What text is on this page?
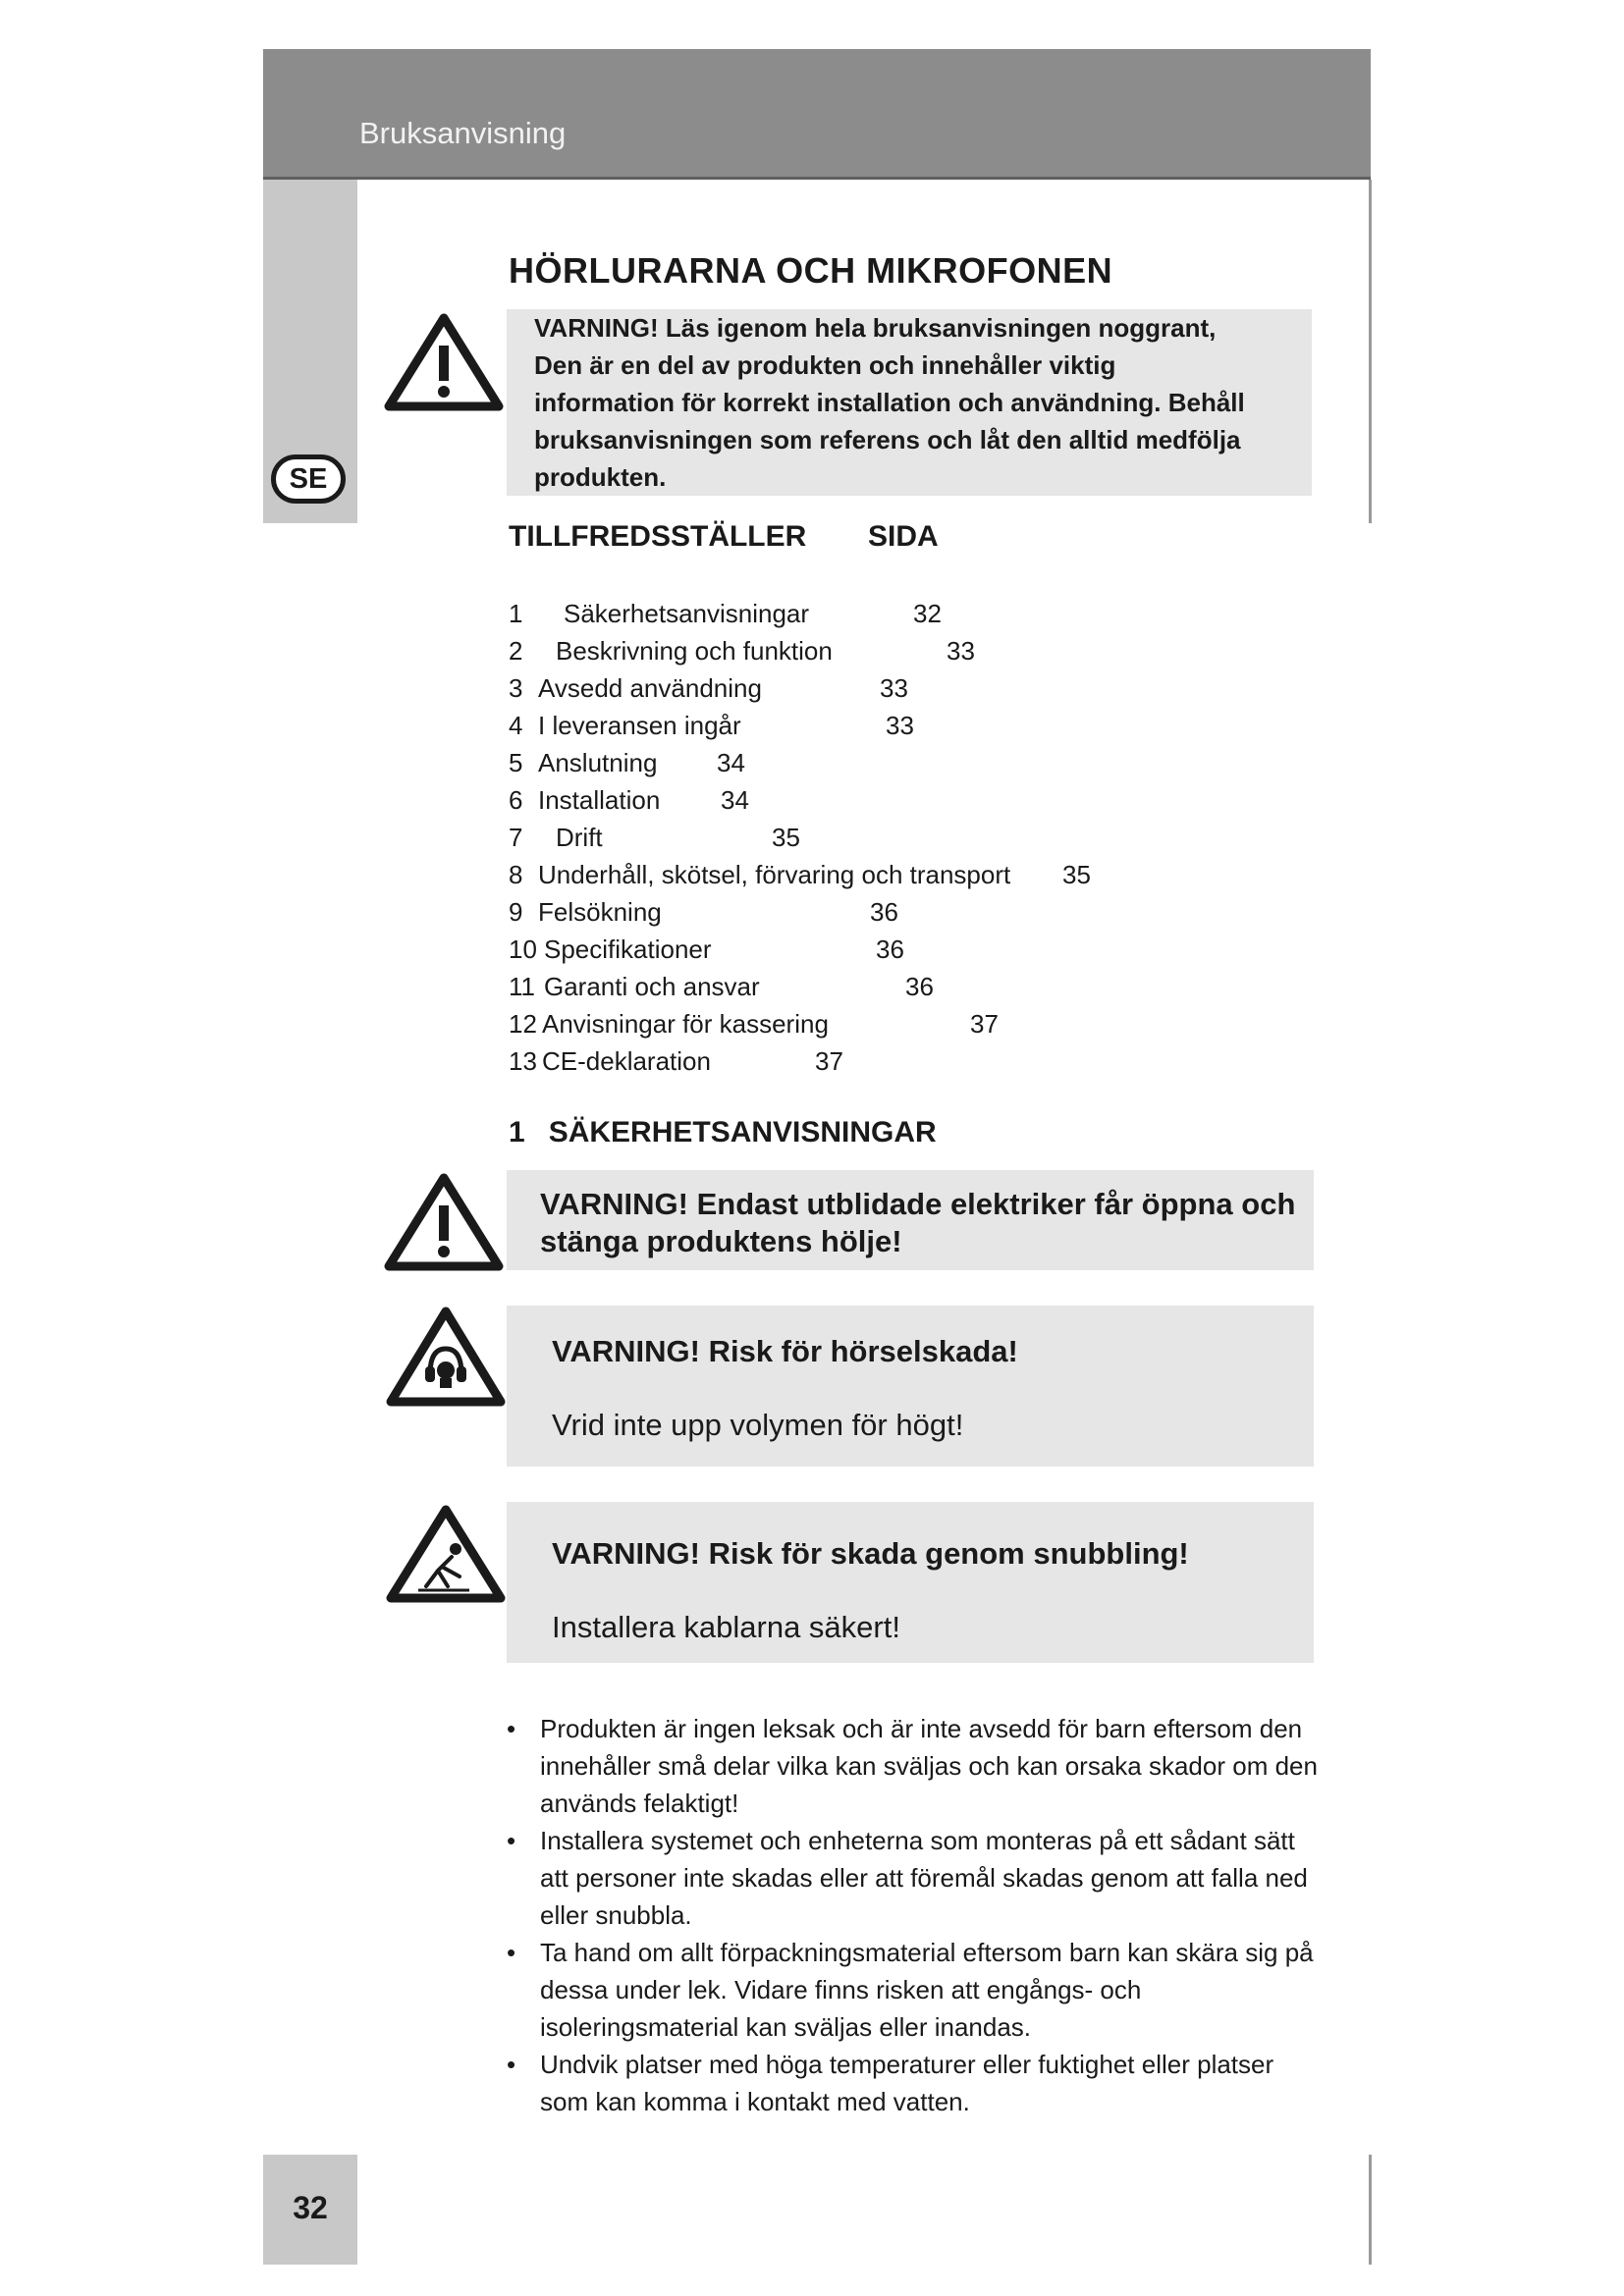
Bruksanvisning
SE
HÖRLURARNA OCH MIKROFONEN
VARNING! Läs igenom hela bruksanvisningen noggrant,
Den är en del av produkten och innehåller viktig
information för korrekt installation och användning. Behåll
bruksanvisningen som referens och låt den alltid medfölja
produkten.
TILLFREDSSTÄLLER SIDA
1 Säkerhetsanvisningar	32
2 Beskrivning och funktion	33
3 Avsedd användning	33
4 I leveransen ingår	33
5 Anslutning 34
6 Installation 34
7 Drift	35
8 Underhåll, skötsel, förvaring och transport 35
9 Felsökning	36
10 Specifikationer	36
11 Garanti och ansvar	36
12 Anvisningar för kassering	37
13 CE-deklaration	37
1 SÄKERHETSANVISNINGAR
VARNING! Endast utblidade elektriker får öppna och
stänga produktens hölje!
VARNING! Risk för hörselskada!
Vrid inte upp volymen för högt!
VARNING! Risk för skada genom snubbling!
Installera kablarna säkert!
• Produkten är ingen leksak och är inte avsedd för barn eftersom den innehåller små delar vilka kan sväljas och kan orsaka skador om den används felaktigt!
• Installera systemet och enheterna som monteras på ett sådant sätt att personer inte skadas eller att föremål skadas genom att falla ned eller snubbla.
• Ta hand om allt förpackningsmaterial eftersom barn kan skära sig på dessa under lek. Vidare finns risken att engångs- och isoleringsmaterial kan sväljas eller inandas.
• Undvik platser med höga temperaturer eller fuktighet eller platser som kan komma i kontakt med vatten.
32
